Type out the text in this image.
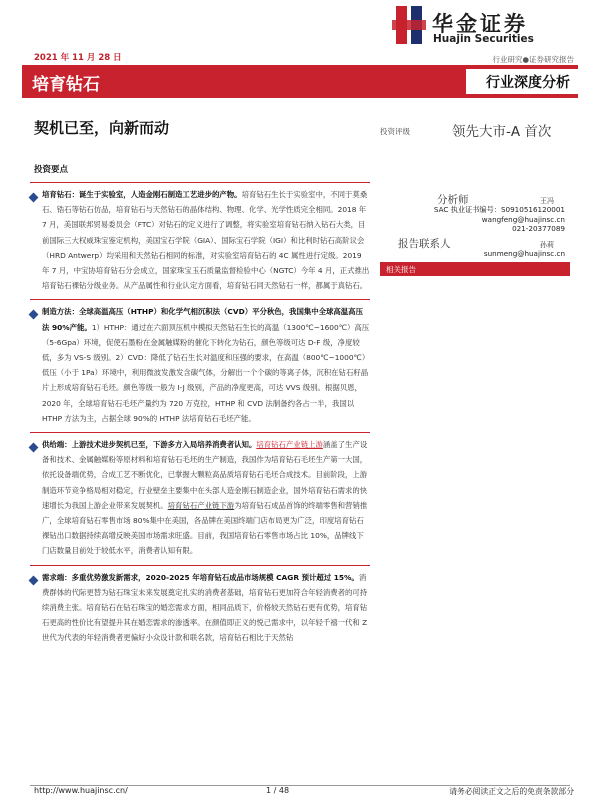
华金证券
Huajin Securities
2021 年 11 月 28 日	行业研究●证券研究报告
培育钻石	行业深度分析
契机已至，向新而动	投资评级	领先大市-A 首次
投资要点
培育钻石：诞生于实验室，人造金刚石制造工艺进步的产物。培育钻石生长于实验室中，不同于莫桑石、锆石等钻石仿品，培育钻石与天然钻石的晶体结构、物理、化学、光学性质完全相同。2018 年 7 月，美国联邦贸易委员会（FTC）对钻石的定义进行了调整，将实验室培育钻石纳入钻石大类，目前国际三大权威珠宝鉴定机构，美国宝石学院（GIA）、国际宝石学院（IGI）和比利时钻石高阶议会（HRD Antwerp）均采用和天然钻石相同的标准，对实验室培育钻石的 4C 属性进行定级。2019 年 7 月，中宝协培育钻石分会成立，国家珠宝玉石质量监督检验中心（NGTC）今年 4 月，正式推出培育钻石裸钻分级业务。从产品属性和行业认定方面看，培育钻石同天然钻石一样，都属于真钻石。
制造方法：全球高温高压（HTHP）和化学气相沉积法（CVD）平分秋色，我国集中全球高温高压法 90%产能。1）HTHP：通过在六面顶压机中模拟天然钻石生长的高温（1300℃~1600℃）高压（5-6Gpa）环境，促使石墨粉在金属触媒粉的催化下转化为钻石，颜色等级可达 D-F 级，净度较低，多为 VS-S 级别。2）CVD：降低了钻石生长对温度和压强的要求，在高温（800℃~1000℃）低压（小于 1Pa）环境中，利用微波发激发含碳气体，分解出一个个碳的等离子体，沉积在钻石籽晶片上形成培育钻石毛坯。颜色等级一般为 I-J 级别，产品的净度更高，可达 VVS 级别。根据贝恩，2020 年，全球培育钻石毛坯产量约为 720 万克拉，HTHP 和 CVD 法制备约各占一半，我国以 HTHP 方法为主，占据全球 90%的 HTHP 法培育钻石毛坯产能。
供给端：上游技术进步契机已至，下游多方入局培养消费者认知。培育钻石产业链上游涵盖了生产设备和技术、金属触媒粉等原材料和培育钻石毛坯的生产制造，我国作为培育钻石毛坯生产第一大国，依托设备端优势，合成工艺不断优化，已掌握大颗粒高品质培育钻石毛坯合成技术。目前阶段，上游制造环节竞争格局相对稳定，行业壁垒主要集中在头部人造金刚石制造企业，国外培育钻石需求的快速增长为我国上游企业带来发展契机。培育钻石产业链下游为培育钻石成品首饰的终端零售和营销推广，全球培育钻石零售市场 80%集中在美国，各品牌在美国终端门店布局更为广泛，印度培育钻石裸钻出口数据持续高增反映美国市场需求旺盛。目前，我国培育钻石零售市场占比 10%，品牌线下门店数量目前处于较低水平，消费者认知有限。
需求端：多重优势激发新需求，2020-2025 年培育钻石成品市场规模 CAGR 预计超过 15%。消费群体的代际更替为钻石珠宝未来发展奠定扎实的消费者基础，培育钻石更加符合年轻消费者的可持续消费主张。培育钻石在钻石珠宝的婚恋需求方面，相同品质下，价格较天然钻石更有优势，培育钻石更高的性价比有望提升其在婚恋需求的渗透率。在颜值即正义的悦己需求中，以年轻千禧一代和 Z 世代为代表的年轻消费者更偏好小众设计款和联名款，培育钻石相比于天然钻
分析师	王冯
SAC 执业证书编号：S0910516120001
wangfeng@huajinsc.cn
021-20377089
报告联系人	孙莉
sunmeng@huajinsc.cn
相关报告
http://www.huajinsc.cn/	1 / 48	请务必阅读正文之后的免责条款部分
